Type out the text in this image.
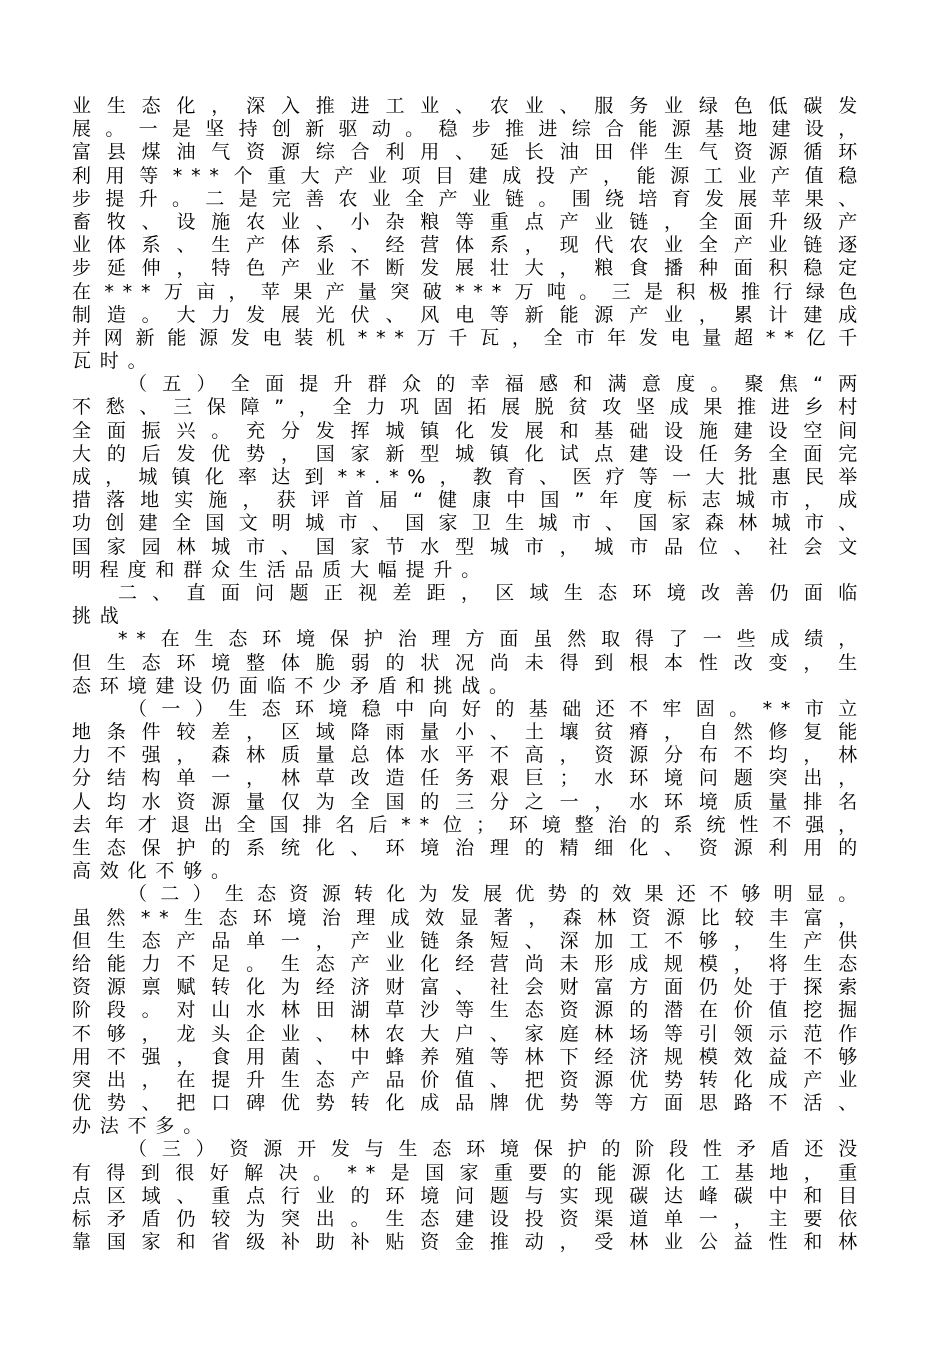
业生态化，深入推进工业、农业、服务业绿色低碳发
展。一是坚持创新驱动。稳步推进综合能源基地建设，
富县煤油气资源综合利用、延长油田伴生气资源循环
利用等***个重大产业项目建成投产，能源工业产值稳
步提升。二是完善农业全产业链。围绕培育发展苹果、
畜牧、设施农业、小杂粮等重点产业链，全面升级产
业体系、生产体系、经营体系，现代农业全产业链逐
步延伸，特色产业不断发展壮大，粮食播种面积稳定
在***万亩，苹果产量突破***万吨。三是积极推行绿色
制造。大力发展光伏、风电等新能源产业，累计建成
并网新能源发电装机***万千瓦，全市年发电量超**亿千
瓦时。
（五）全面提升群众的幸福感和满意度。聚焦“两
不愁、三保障”，全力巩固拓展脱贫攻坚成果推进乡村
全面振兴。充分发挥城镇化发展和基础设施建设空间
大的后发优势，国家新型城镇化试点建设任务全面完
成，城镇化率达到**.*%，教育、医疗等一大批惠民举
措落地实施，获评首届“健康中国”年度标志城市，成
功创建全国文明城市、国家卫生城市、国家森林城市、
国家园林城市、国家节水型城市，城市品位、社会文
明程度和群众生活品质大幅提升。
二、直面问题正视差距，区域生态环境改善仍面临
挑战
**在生态环境保护治理方面虽然取得了一些成绩，
但生态环境整体脆弱的状况尚未得到根本性改变，生
态环境建设仍面临不少矛盾和挑战。
（一）生态环境稳中向好的基础还不牢固。**市立
地条件较差，区域降雨量小、土壤贫瘠，自然修复能
力不强，森林质量总体水平不高，资源分布不均，林
分结构单一，林草改造任务艰巨；水环境问题突出，
人均水资源量仅为全国的三分之一，水环境质量排名
去年才退出全国排名后**位；环境整治的系统性不强，
生态保护的系统化、环境治理的精细化、资源利用的
高效化不够。
（二）生态资源转化为发展优势的效果还不够明显。
虽然**生态环境治理成效显著，森林资源比较丰富，
但生态产品单一，产业链条短、深加工不够，生产供
给能力不足。生态产业化经营尚未形成规模，将生态
资源禀赋转化为经济财富、社会财富方面仍处于探索
阶段。对山水林田湖草沙等生态资源的潜在价值挖掘
不够，龙头企业、林农大户、家庭林场等引领示范作
用不强，食用菌、中蜂养殖等林下经济规模效益不够
突出，在提升生态产品价值、把资源优势转化成产业
优势、把口碑优势转化成品牌优势等方面思路不活、
办法不多。
（三）资源开发与生态环境保护的阶段性矛盾还没
有得到很好解决。**是国家重要的能源化工基地，重
点区域、重点行业的环境问题与实现碳达峰碳中和目
标矛盾仍较为突出。生态建设投资渠道单一，主要依
靠国家和省级补助补贴资金推动，受林业公益性和林
